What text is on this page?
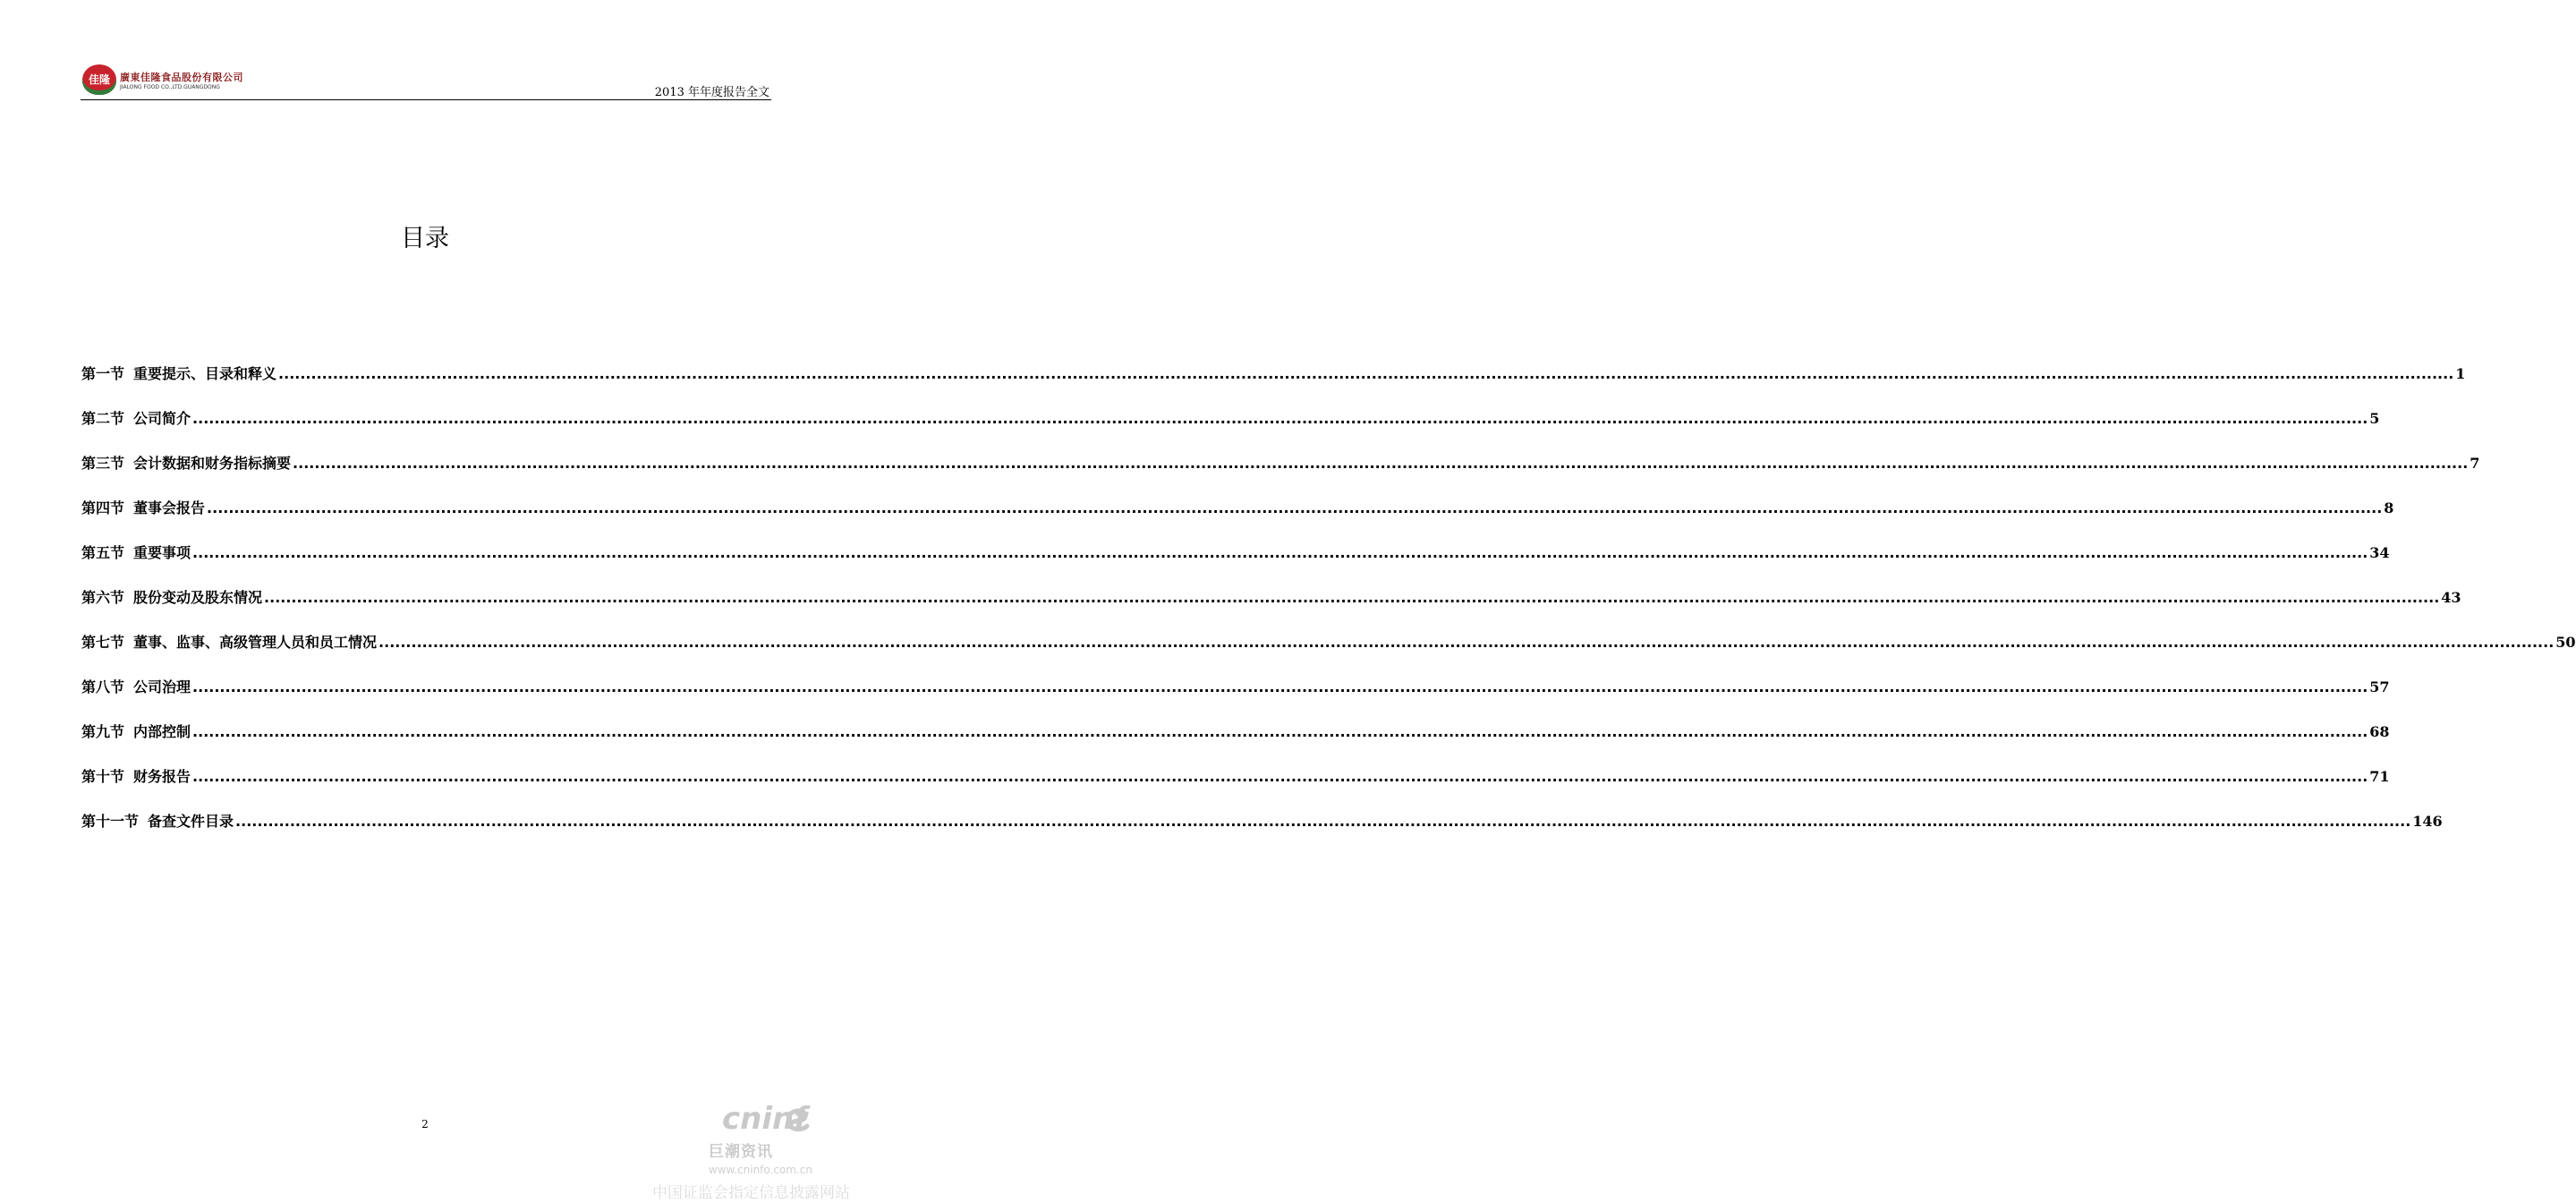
佳隆	廣東佳隆食品股份有限公司
JIALONG FOOD CO.,LTD.GUANGDONG	2013 年年度报告全文
目录
第一节 重要提示、目录和释义 ................................................................................................................................................................................................................................................................................................................................................................................................................ 1
第二节 公司简介 ................................................................................................................................................................................................................................................................................................................................................................................................................ 5
第三节 会计数据和财务指标摘要 ................................................................................................................................................................................................................................................................................................................................................................................................................ 7
第四节 董事会报告 ................................................................................................................................................................................................................................................................................................................................................................................................................ 8
第五节 重要事项 ................................................................................................................................................................................................................................................................................................................................................................................................................ 34
第六节 股份变动及股东情况 ................................................................................................................................................................................................................................................................................................................................................................................................................ 43
第七节 董事、监事、高级管理人员和员工情况 ................................................................................................................................................................................................................................................................................................................................................................................................................ 50
第八节 公司治理 ................................................................................................................................................................................................................................................................................................................................................................................................................ 57
第九节 内部控制 ................................................................................................................................................................................................................................................................................................................................................................................................................ 68
第十节 财务报告 ................................................................................................................................................................................................................................................................................................................................................................................................................ 71
第十一节 备查文件目录 ................................................................................................................................................................................................................................................................................................................................................................................................................ 146
2	cninf
巨潮资讯
www.cninfo.com.cn
中国证监会指定信息披露网站
